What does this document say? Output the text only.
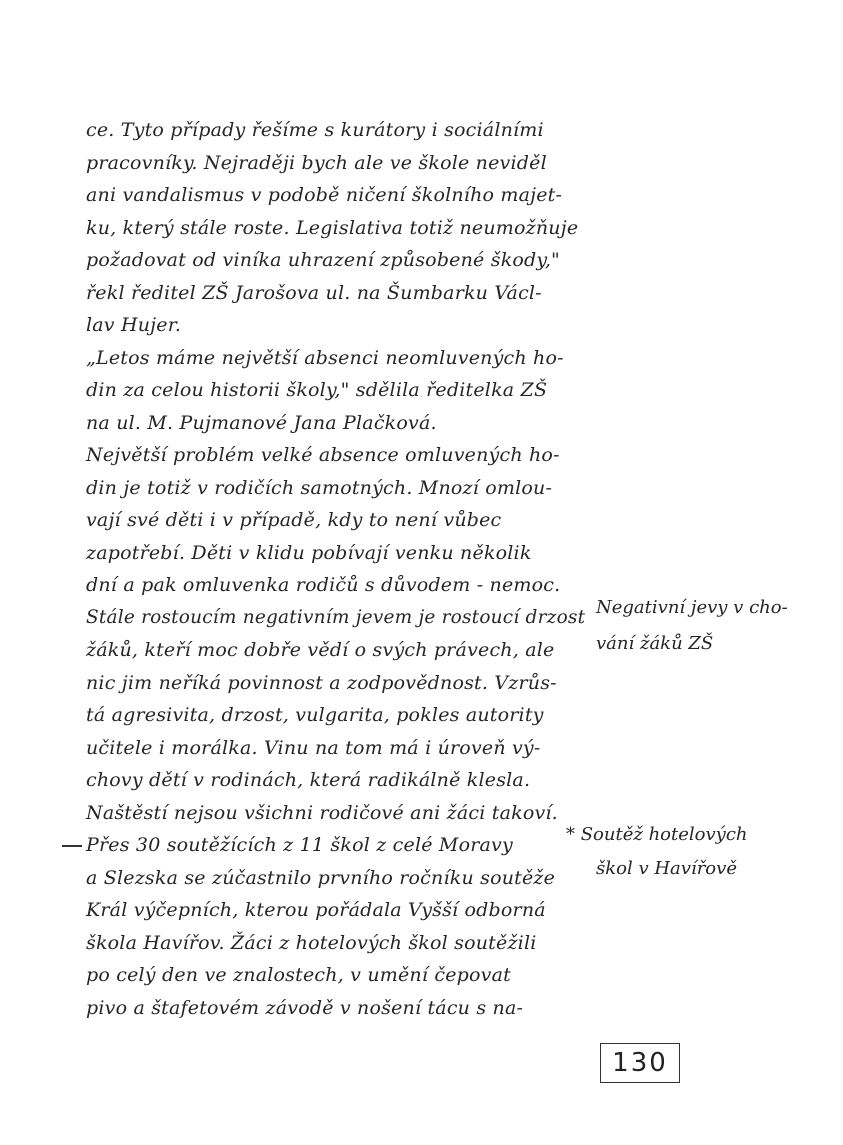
ce. Tyto případy řešíme s kurátory i sociálními
pracovníky. Nejraději bych ale ve škole neviděl
ani vandalismus v podobě ničení školního majet-
ku, který stále roste. Legislativa totiž neumožňuje
požadovat od viníka uhrazení způsobené škody,"
řekl ředitel ZŠ Jarošova ul. na Šumbarku Václ-
lav Hujer.
„Letos máme největší absenci neomluvených ho-
din za celou historii školy," sdělila ředitelka ZŠ
na ul. M. Pujmanové Jana Plačková.
Největší problém velké absence omluvených ho-
din je totiž v rodičích samotných. Mnozí omlou-
vají své děti i v případě, kdy to není vůbec
zapotřebí. Děti v klidu pobívají venku několik
dní a pak omluvenka rodičů s důvodem - nemoc.
Stále rostoucím negativním jevem je rostoucí drzost
žáků, kteří moc dobře vědí o svých právech, ale
nic jim neříká povinnost a zodpovědnost. Vzrůs-
tá agresivita, drzost, vulgarita, pokles autority
učitele i morálka. Vinu na tom má i úroveň vý-
chovy dětí v rodinách, která radikálně klesla.
Naštěstí nejsou všichni rodičové ani žáci takoví.
Přes 30 soutěžících z 11 škol z celé Moravy
a Slezska se zúčastnilo prvního ročníku soutěže
Král výčepních, kterou pořádala Vyšší odborná
škola Havířov. Žáci z hotelových škol soutěžili
po celý den ve znalostech, v umění čepovat
pivo a štafetovém závodě v nošení tácu s na-
Negativní jevy v cho-
vání žáků ZŠ
* Soutěž hotelových
škol v Havířově
130
